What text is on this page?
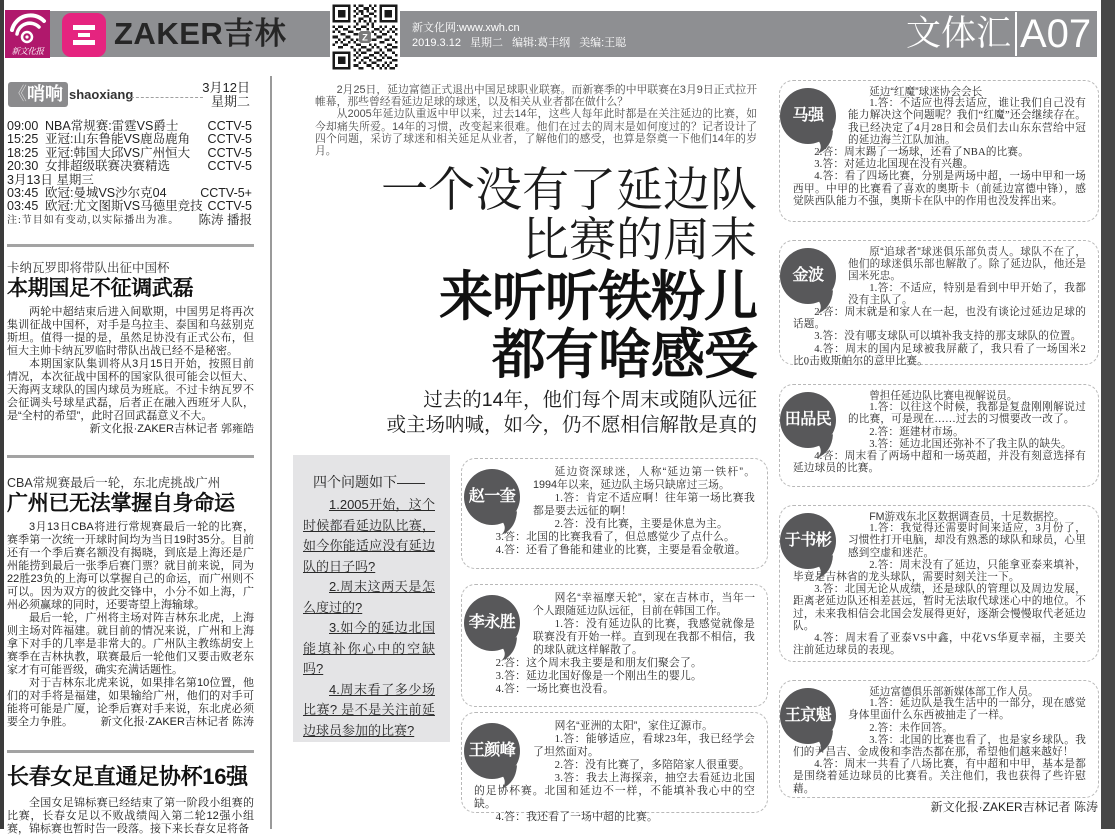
新文化报 ZAKER吉林	Z
新文化网:www.xwh.cn
2019.3.12 星期二 编辑:葛丰纲 美编:王聪	文体汇 A07
《哨响 shaoxiang	3月12日
星期二
09:00 NBA常规赛:雷霆VS爵士	CCTV-5
15:25 亚冠:山东鲁能VS鹿岛鹿角	CCTV-5
18:25 亚冠:韩国大邱VS广州恒大	CCTV-5
20:30 女排超级联赛决赛精选	CCTV-5
3月13日 星期三
03:45 欧冠:曼城VS沙尔克04	CCTV-5+
03:45 欧冠:尤文图斯VS马德里竞技 CCTV-5
注:节目如有变动,以实际播出为准。	陈涛 播报
卡纳瓦罗即将带队出征中国杯
本期国足不征调武磊

两轮中超结束后进入间歇期，中国男足将再次集训征战中国杯，对手是乌拉圭、泰国和乌兹别克斯坦。值得一提的是，虽然足协没有正式公布，但恒大主帅卡纳瓦罗临时带队出战已经不是秘密。

本期国家队集训将从3月15日开始，按照目前情况，本次征战中国杯的国家队很可能会以恒大、天海两支球队的国内球员为班底。不过卡纳瓦罗不会征调头号球星武磊，后者正在融入西班牙人队，是“全村的希望”，此时召回武磊意义不大。

新文化报·ZAKER吉林记者 郭雍皓
CBA常规赛最后一轮，东北虎挑战广州
广州已无法掌握自身命运

3月13日CBA将进行常规赛最后一轮的比赛，赛季第一次统一开球时间均为当日19时35分。目前还有一个季后赛名额没有揭晓，到底是上海还是广州能捞到最后一张季后赛门票？就目前来说，同为22胜23负的上海可以掌握自己的命运，而广州则不可以。因为双方的彼此交锋中，小分不如上海，广州必须赢球的同时，还要寄望上海输球。

最后一轮，广州将主场对阵吉林东北虎，上海则主场对阵福建。就目前的情况来说，广州和上海拿下对手的几率是非常大的。广州队主教练胡安上赛季在吉林执教，联赛最后一轮他们又要击败老东家才有可能晋级，确实充满话题性。

对于吉林东北虎来说，如果排名第10位置，他们的对手将是福建，如果输给广州，他们的对手可能将可能是广厦，论季后赛对手来说，东北虎必须要全力争胜。	新文化报·ZAKER吉林记者 陈涛

长春女足直通足协杯16强

全国女足锦标赛已经结束了第一阶段小组赛的比赛，长春女足以不败战绩闯入第二轮12强小组赛，锦标赛也暂时告一段落。接下来长春女足将备

2月25日，延边富德正式退出中国足球职业联赛。而新赛季的中甲联赛在3月9日正式拉开帷幕，那些曾经看延边足球的球迷，以及相关从业者都在做什么？

从2005年延边队重返中甲以来，过去14年，这些人每年此时都是在关注延边的比赛，如今却痛失所爱。14年的习惯，改变起来很难。他们在过去的周末是如何度过的？记者设计了四个问题，采访了球迷和相关延足从业者，了解他们的感受，也算是祭奠一下他们14年的岁月。

一个没有了延边队
比赛的周末
来听听铁粉儿
都有啥感受
过去的14年，他们每个周末或随队远征
或主场呐喊，如今，仍不愿相信解散是真的
四个问题如下——

1.2005开始，这个时候都看延边队比赛，如今你能适应没有延边队的日子吗?

2.周末这两天是怎么度过的?

3.如今的延边北国能填补你心中的空缺吗?

4.周末看了多少场比赛? 是不是关注前延边球员参加的比赛?

赵一奎

延边资深球迷，人称“延边第一铁杆”。1994年以来，延边队主场只缺席过三场。

1.答：肯定不适应啊！往年第一场比赛我都是要去远征的啊！

2.答：没有比赛，主要是休息为主。

3.答：北国的比赛我看了，但总感觉少了点什么。

4.答：还看了鲁能和建业的比赛，主要是看金敬道。

李永胜

网名“幸福摩天轮”，家在吉林市，当年一个人跟随延边队远征，目前在韩国工作。

1.答：没有延边队的比赛，我感觉就像是联赛没有开始一样。直到现在我都不相信，我的球队就这样解散了。

2.答：这个周末我主要是和朋友们聚会了。

3.答：延边北国好像是一个刚出生的婴儿。

4.答：一场比赛也没看。

王颜峰

网名“亚洲的太阳”，家住辽源市。

1.答：能够适应，看球23年，我已经学会了坦然面对。

2.答：没有比赛了，多陪陪家人很重要。

3.答：我去上海探亲，抽空去看延边北国的足协杯赛。北国和延边不一样，不能填补我心中的空缺。

4.答：我还看了一场中超的比赛。

马强

延边“红魔”球迷协会会长

1.答：不适应也得去适应，谁让我们自己没有能力解决这个问题呢？我们“红魔”还会继续存在。我已经决定了4月28日和会员们去山东东营给中冠的延边海兰江队加油。

2.答：周末踢了一场球，还看了NBA的比赛。

3.答：对延边北国现在没有兴趣。

4.答：看了四场比赛，分别是两场中超，一场中甲和一场西甲。中甲的比赛看了喜欢的奥斯卡（前延边富德中锋），感觉陕西队能力不强，奥斯卡在队中的作用也没发挥出来。

金波

原“追球者”球迷俱乐部负责人。球队不在了，他们的球迷俱乐部也解散了。除了延边队，他还是国米死忠。

1.答：不适应，特别是看到中甲开始了，我都没有主队了。

2.答：周末就是和家人在一起，也没有谈论过延边足球的话题。

3.答：没有哪支球队可以填补我支持的那支球队的位置。

4.答：周末的国内足球被我屏蔽了，我只看了一场国米2比0击败斯帕尔的意甲比赛。

田品民

曾担任延边队比赛电视解说员。

1.答：以往这个时候，我都是复盘刚刚解说过的比赛，可是现在……过去的习惯要改一改了。

2.答：逛建材市场。

3.答：延边北国还弥补不了我主队的缺失。

4.答：周末看了两场中超和一场英超，并没有刻意选择有延边球员的比赛。

于书彬

FM游戏东北区数据调查员，十足数据控。

1.答：我觉得还需要时间来适应，3月份了，习惯性打开电脑，却没有熟悉的球队和球员，心里感到空虚和迷茫。

2.答：周末没有了延边，只能拿亚泰来填补，毕竟是吉林省的龙头球队，需要时刻关注一下。

3.答：北国无论从成绩，还是球队的管理以及周边发展，距离老延边队还相差甚远，暂时无法取代球迷心中的地位。不过，未来我相信会北国会发展得更好，逐渐会慢慢取代老延边队。

4.答：周末看了亚泰VS中鑫，中花VS华夏幸福，主要关注前延边球员的表现。

王京魁

延边富德俱乐部新媒体部工作人员。

1.答：延边队是我生活中的一部分，现在感觉身体里面什么东西被抽走了一样。

2.答：未作回答。

3.答：北国的比赛也看了，也是家乡球队。我们的尹昌吉、金成俊和李浩杰都在那，希望他们越来越好！

4.答：周末一共看了八场比赛，有中超和中甲，基本是都是围绕着延边球员的比赛看。关注他们，我也获得了些许慰藉。

新文化报·ZAKER吉林记者 陈涛
